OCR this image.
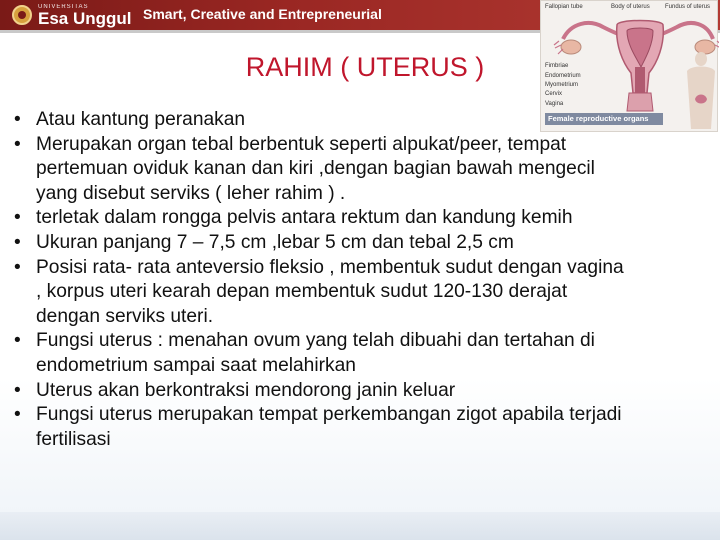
UNIVERSITAS
Esa Unggul Smart, Creative and Entrepreneurial
RAHIM ( UTERUS )
Fallopian tube	Body of uterus	Fundus of uterus
Fimbriae
Endometrium
Myometrium
Cervix
Vagina
Female reproductive organs
• Atau kantung peranakan
• Merupakan organ tebal berbentuk seperti alpukat/peer, tempat
pertemuan oviduk kanan dan kiri ,dengan bagian bawah mengecil
yang disebut serviks ( leher rahim ) .
• terletak dalam rongga pelvis antara rektum dan kandung kemih
• Ukuran panjang 7 – 7,5 cm ,lebar 5 cm dan tebal 2,5 cm
• Posisi rata- rata anteversio fleksio , membentuk sudut dengan vagina
, korpus uteri kearah depan membentuk sudut 120-130 derajat
dengan serviks uteri.
• Fungsi uterus : menahan ovum yang telah dibuahi dan tertahan di
endometrium sampai saat melahirkan
• Uterus akan berkontraksi mendorong janin keluar
• Fungsi uterus merupakan tempat perkembangan zigot apabila terjadi
fertilisasi
